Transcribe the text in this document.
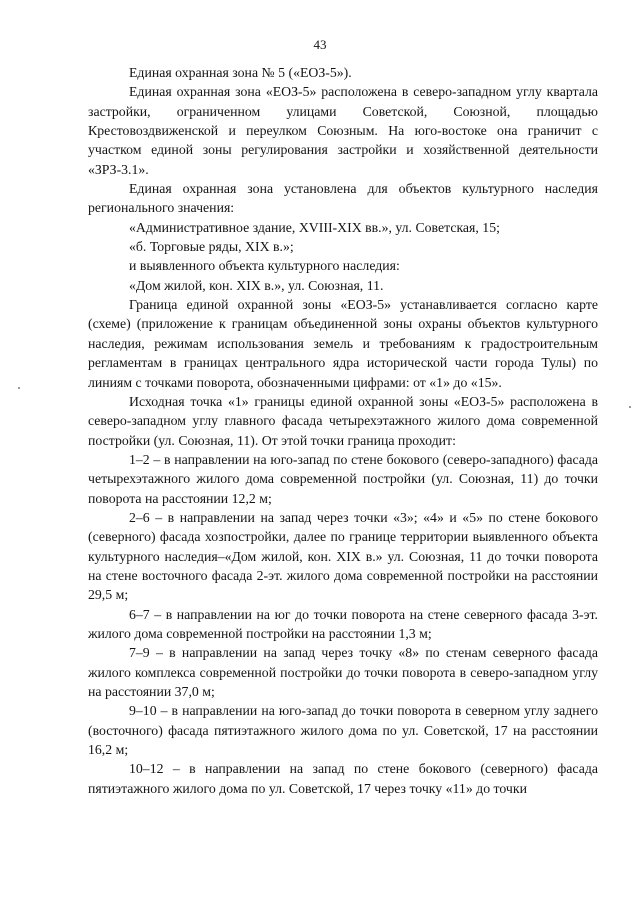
43

Единая охранная зона № 5 («ЕОЗ-5»).

Единая охранная зона «ЕОЗ-5» расположена в северо-западном углу квартала застройки, ограниченном улицами Советской, Союзной, площадью Крестовоздвиженской и переулком Союзным. На юго-востоке она граничит с участком единой зоны регулирования застройки и хозяйственной деятельности «ЗРЗ-3.1».

Единая охранная зона установлена для объектов культурного наследия регионального значения:

«Административное здание, XVIII-XIX вв.», ул. Советская, 15;

«б. Торговые ряды, XIX в.»;

и выявленного объекта культурного наследия:

«Дом жилой, кон. XIX в.», ул. Союзная, 11.

Граница единой охранной зоны «ЕОЗ-5» устанавливается согласно карте (схеме) (приложение к границам объединенной зоны охраны объектов культурного наследия, режимам использования земель и требованиям к градостроительным регламентам в границах центрального ядра исторической части города Тулы) по линиям с точками поворота, обозначенными цифрами: от «1» до «15».

Исходная точка «1» границы единой охранной зоны «ЕОЗ-5» расположена в северо-западном углу главного фасада четырехэтажного жилого дома современной постройки (ул. Союзная, 11). От этой точки граница проходит:

1–2 – в направлении на юго-запад по стене бокового (северо-западного) фасада четырехэтажного жилого дома современной постройки (ул. Союзная, 11) до точки поворота на расстоянии 12,2 м;

2–6 – в направлении на запад через точки «3»; «4» и «5» по стене бокового (северного) фасада хозпостройки, далее по границе территории выявленного объекта культурного наследия–«Дом жилой, кон. XIX в.» ул. Союзная, 11 до точки поворота на стене восточного фасада 2-эт. жилого дома современной постройки на расстоянии 29,5 м;

6–7 – в направлении на юг до точки поворота на стене северного фасада 3-эт. жилого дома современной постройки на расстоянии 1,3 м;

7–9 – в направлении на запад через точку «8» по стенам северного фасада жилого комплекса современной постройки до точки поворота в северо-западном углу на расстоянии 37,0 м;

9–10 – в направлении на юго-запад до точки поворота в северном углу заднего (восточного) фасада пятиэтажного жилого дома по ул. Советской, 17 на расстоянии 16,2 м;

10–12 – в направлении на запад по стене бокового (северного) фасада пятиэтажного жилого дома по ул. Советской, 17 через точку «11» до точки
